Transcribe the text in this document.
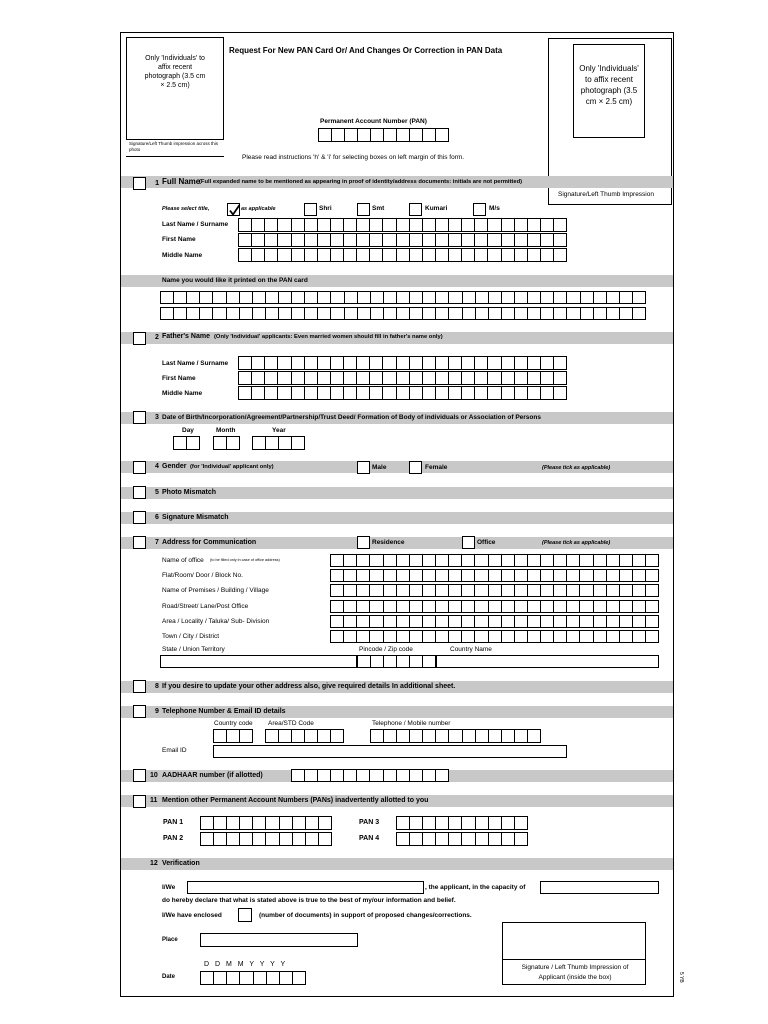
Only 'Individuals' to affix recent photograph (3.5 cm × 2.5 cm)
Signature/Left Thumb impression across this photo
Request For New PAN Card Or/ And Changes Or Correction in PAN Data
Only 'Individuals' to affix recent photograph (3.5 cm × 2.5 cm)
Signature/Left Thumb Impression
Permanent Account Number (PAN)
Please read instructions 'h' & 'i' for selecting boxes on left margin of this form.
1 Full Name
(Full expanded name to be mentioned as appearing in proof of identity/address documents: initials are not permitted)
Please select title,	as applicable	Shri	Smt	Kumari	M/s
Last Name / Surname
First Name
Middle Name
Name you would like it printed on the PAN card
2 Father's Name (Only 'Individual' applicants: Even married women should fill in father's name only)
Last Name / Surname
First Name
Middle Name
3 Date of Birth/Incorporation/Agreement/Partnership/Trust Deed/ Formation of Body of individuals or Association of Persons
Day	Month	Year
4 Gender (for 'Individual' applicant only)	Male	Female	(Please tick as applicable)
5 Photo Mismatch
6 Signature Mismatch
7 Address for Communication	Residence	Office	(Please tick as applicable)
Name of office (to be filled only in case of office address)
Flat/Room/ Door / Block No.
Name of Premises / Building / Village
Road/Street/ Lane/Post Office
Area / Locality / Taluka/ Sub- Division
Town / City / District
State / Union Territory	Pincode / Zip code	Country Name
8 If you desire to update your other address also, give required details In additional sheet.
9 Telephone Number & Email ID details
Country code Area/STD Code	Telephone / Mobile number
Email ID
10 AADHAAR number (if allotted)
11 Mention other Permanent Account Numbers (PANs) inadvertently allotted to you
PAN 1
PAN 2
PAN 3
PAN 4
12 Verification
I/We	, the applicant, in the capacity of
do hereby declare that what is stated above is true to the best of my/our information and belief.
I/We have enclosed	(number of documents) in support of proposed changes/corrections.
Place
D D M M Y Y Y Y
Date
Signature / Left Thumb Impression of Applicant (inside the box)	5 YB
